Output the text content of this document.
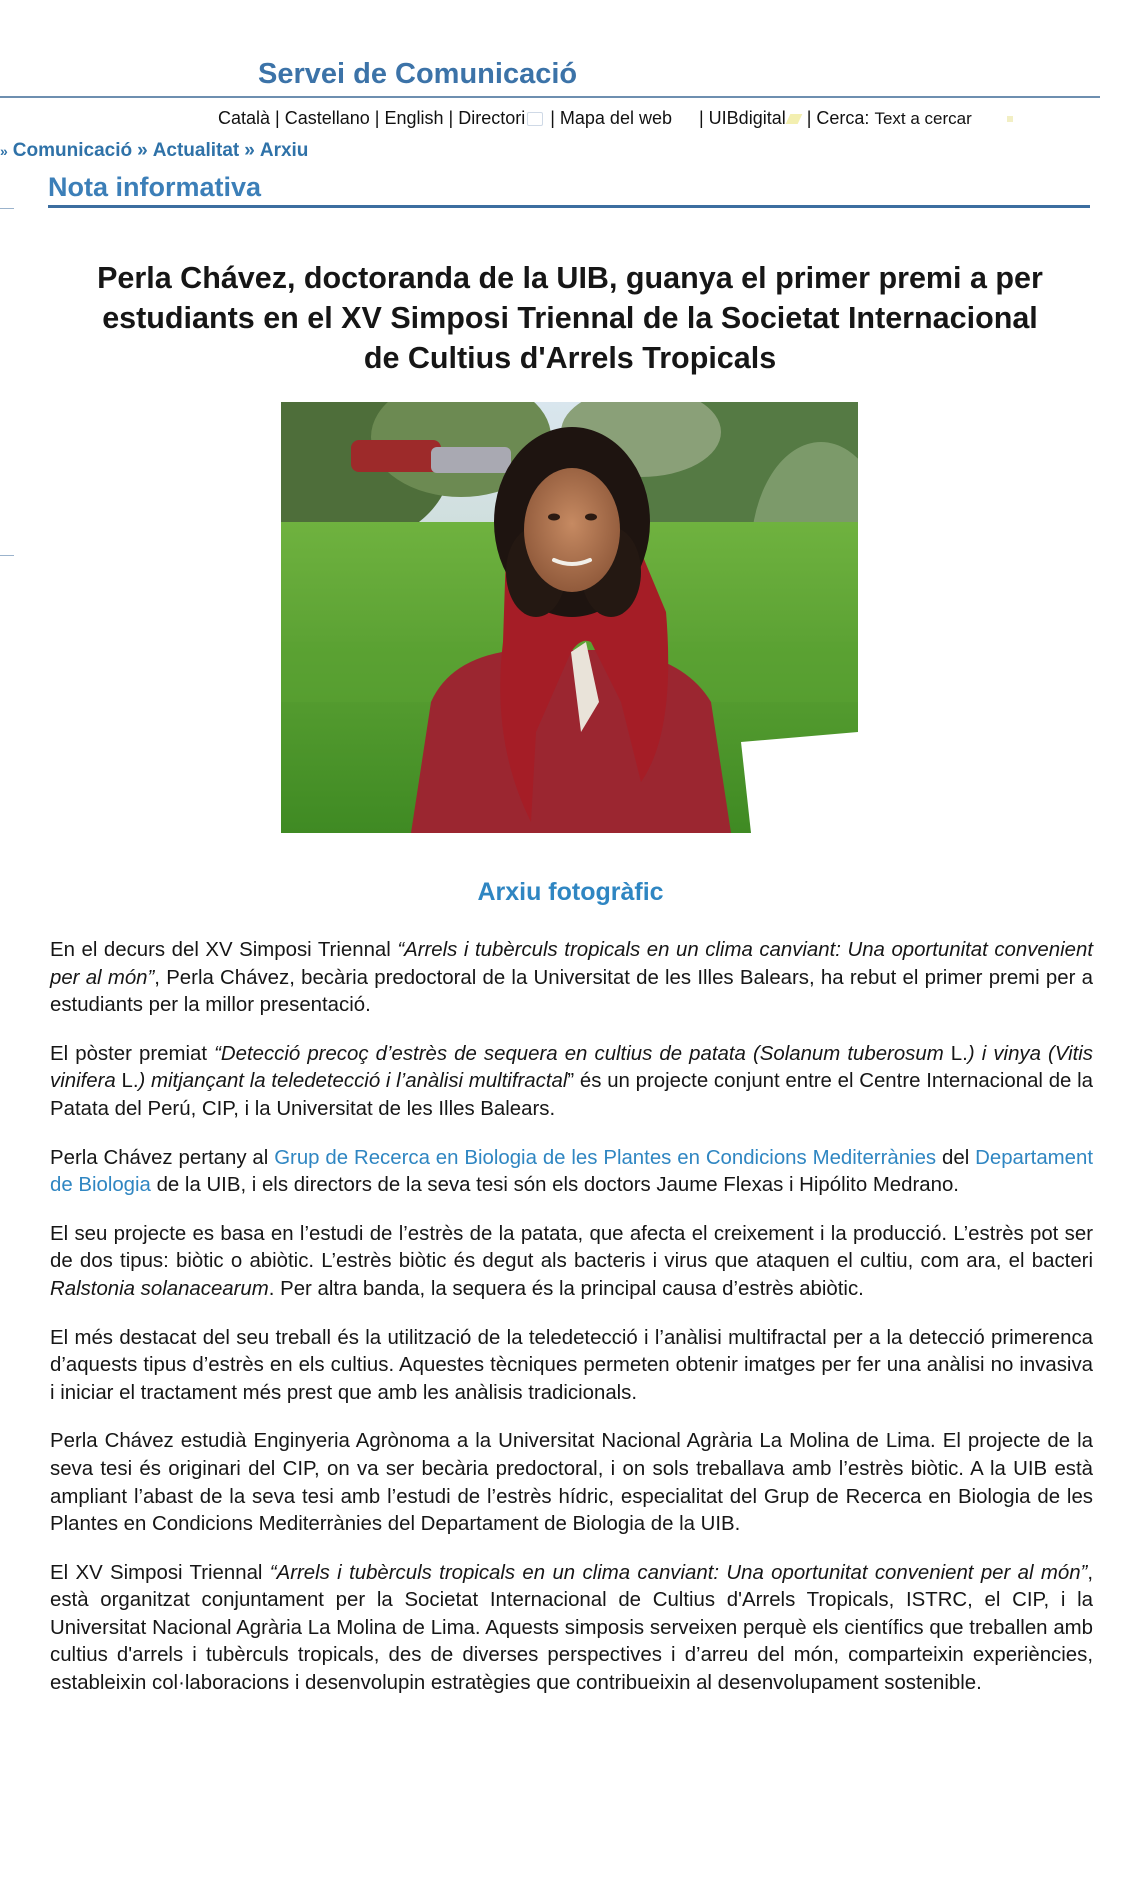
Servei de Comunicació
Català | Castellano | English | Directori | Mapa del web | UIBdigital | Cerca: Text a cercar
» Comunicació » Actualitat » Arxiu
Nota informativa
Perla Chávez, doctoranda de la UIB, guanya el primer premi a per
estudiants en el XV Simposi Triennal de la Societat Internacional
de Cultius d'Arrels Tropicals
Arxiu fotogràfic

En el decurs del XV Simposi Triennal “Arrels i tubèrculs tropicals en un clima canviant: Una oportunitat convenient per al món”, Perla Chávez, becària predoctoral de la Universitat de les Illes Balears, ha rebut el primer premi per a estudiants per la millor presentació.

El pòster premiat “Detecció precoç d’estrès de sequera en cultius de patata (Solanum tuberosum L.) i vinya (Vitis vinifera L.) mitjançant la teledetecció i l’anàlisi multifractal” és un projecte conjunt entre el Centre Internacional de la Patata del Perú, CIP, i la Universitat de les Illes Balears.

Perla Chávez pertany al Grup de Recerca en Biologia de les Plantes en Condicions Mediterrànies del Departament de Biologia de la UIB, i els directors de la seva tesi són els doctors Jaume Flexas i Hipólito Medrano.

El seu projecte es basa en l’estudi de l’estrès de la patata, que afecta el creixement i la producció. L’estrès pot ser de dos tipus: biòtic o abiòtic. L’estrès biòtic és degut als bacteris i virus que ataquen el cultiu, com ara, el bacteri Ralstonia solanacearum. Per altra banda, la sequera és la principal causa d’estrès abiòtic.

El més destacat del seu treball és la utilització de la teledetecció i l’anàlisi multifractal per a la detecció primerenca d’aquests tipus d’estrès en els cultius. Aquestes tècniques permeten obtenir imatges per fer una anàlisi no invasiva i iniciar el tractament més prest que amb les anàlisis tradicionals.

Perla Chávez estudià Enginyeria Agrònoma a la Universitat Nacional Agrària La Molina de Lima. El projecte de la seva tesi és originari del CIP, on va ser becària predoctoral, i on sols treballava amb l’estrès biòtic. A la UIB està ampliant l’abast de la seva tesi amb l’estudi de l’estrès hídric, especialitat del Grup de Recerca en Biologia de les Plantes en Condicions Mediterrànies del Departament de Biologia de la UIB.

El XV Simposi Triennal “Arrels i tubèrculs tropicals en un clima canviant: Una oportunitat convenient per al món”, està organitzat conjuntament per la Societat Internacional de Cultius d'Arrels Tropicals, ISTRC, el CIP, i la Universitat Nacional Agrària La Molina de Lima. Aquests simposis serveixen perquè els científics que treballen amb cultius d'arrels i tubèrculs tropicals, des de diverses perspectives i d’arreu del món, comparteixin experiències, estableixin col·laboracions i desenvolupin estratègies que contribueixin al desenvolupament sostenible.
